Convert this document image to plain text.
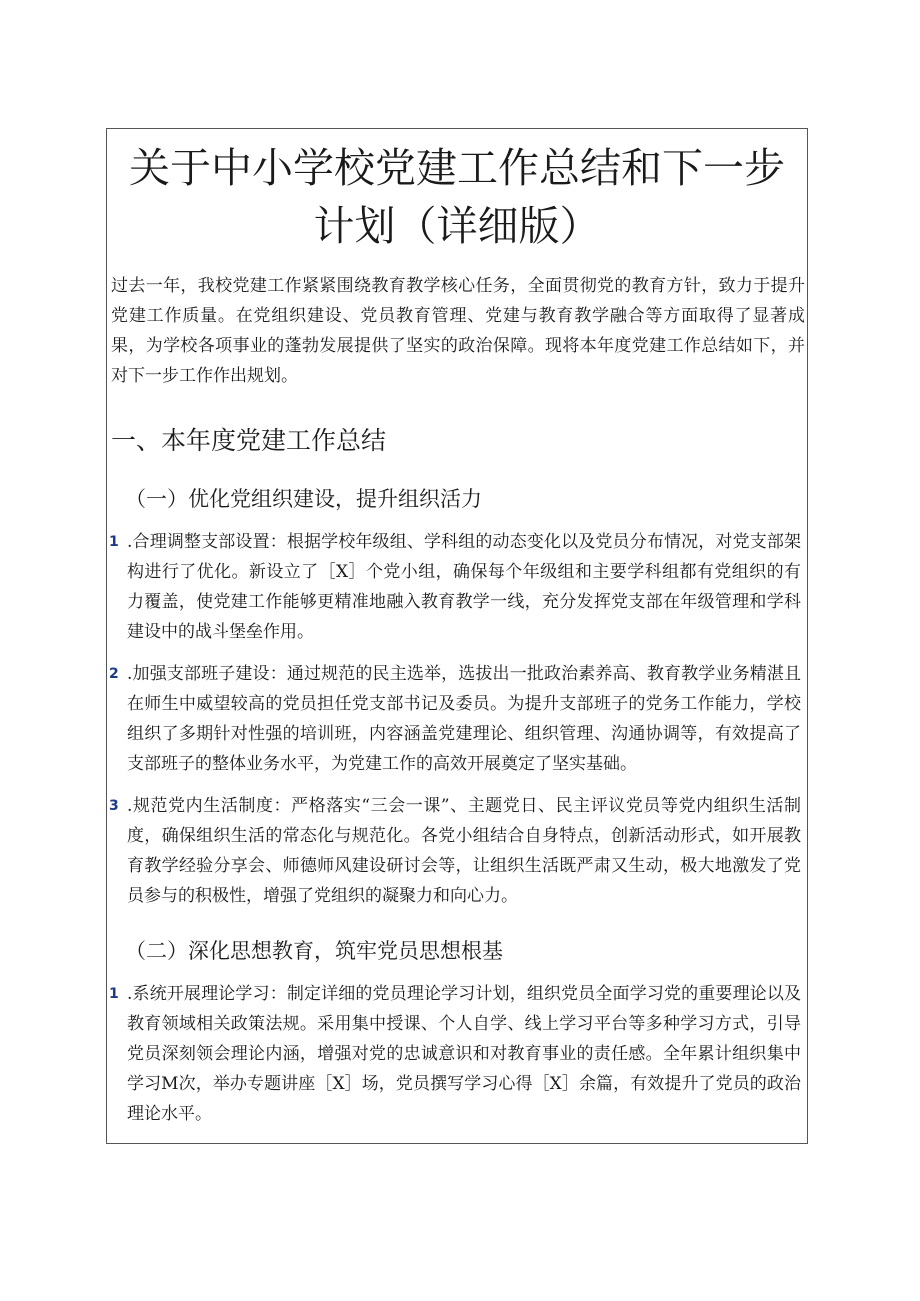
关于中小学校党建工作总结和下一步计划（详细版）

过去一年，我校党建工作紧紧围绕教育教学核心任务，全面贯彻党的教育方针，致力于提升党建工作质量。在党组织建设、党员教育管理、党建与教育教学融合等方面取得了显著成果，为学校各项事业的蓬勃发展提供了坚实的政治保障。现将本年度党建工作总结如下，并对下一步工作作出规划。

一、本年度党建工作总结
（一）优化党组织建设，提升组织活力
1 .合理调整支部设置：根据学校年级组、学科组的动态变化以及党员分布情况，对党支部架构进行了优化。新设立了［X］个党小组，确保每个年级组和主要学科组都有党组织的有力覆盖，使党建工作能够更精准地融入教育教学一线，充分发挥党支部在年级管理和学科建设中的战斗堡垒作用。
2 .加强支部班子建设：通过规范的民主选举，选拔出一批政治素养高、教育教学业务精湛且在师生中威望较高的党员担任党支部书记及委员。为提升支部班子的党务工作能力，学校组织了多期针对性强的培训班，内容涵盖党建理论、组织管理、沟通协调等，有效提高了支部班子的整体业务水平，为党建工作的高效开展奠定了坚实基础。
3 .规范党内生活制度：严格落实“三会一课”、主题党日、民主评议党员等党内组织生活制度，确保组织生活的常态化与规范化。各党小组结合自身特点，创新活动形式，如开展教育教学经验分享会、师德师风建设研讨会等，让组织生活既严肃又生动，极大地激发了党员参与的积极性，增强了党组织的凝聚力和向心力。
（二）深化思想教育，筑牢党员思想根基
1 .系统开展理论学习：制定详细的党员理论学习计划，组织党员全面学习党的重要理论以及教育领域相关政策法规。采用集中授课、个人自学、线上学习平台等多种学习方式，引导党员深刻领会理论内涵，增强对党的忠诚意识和对教育事业的责任感。全年累计组织集中学习M次，举办专题讲座［X］场，党员撰写学习心得［X］余篇，有效提升了党员的政治理论水平。
